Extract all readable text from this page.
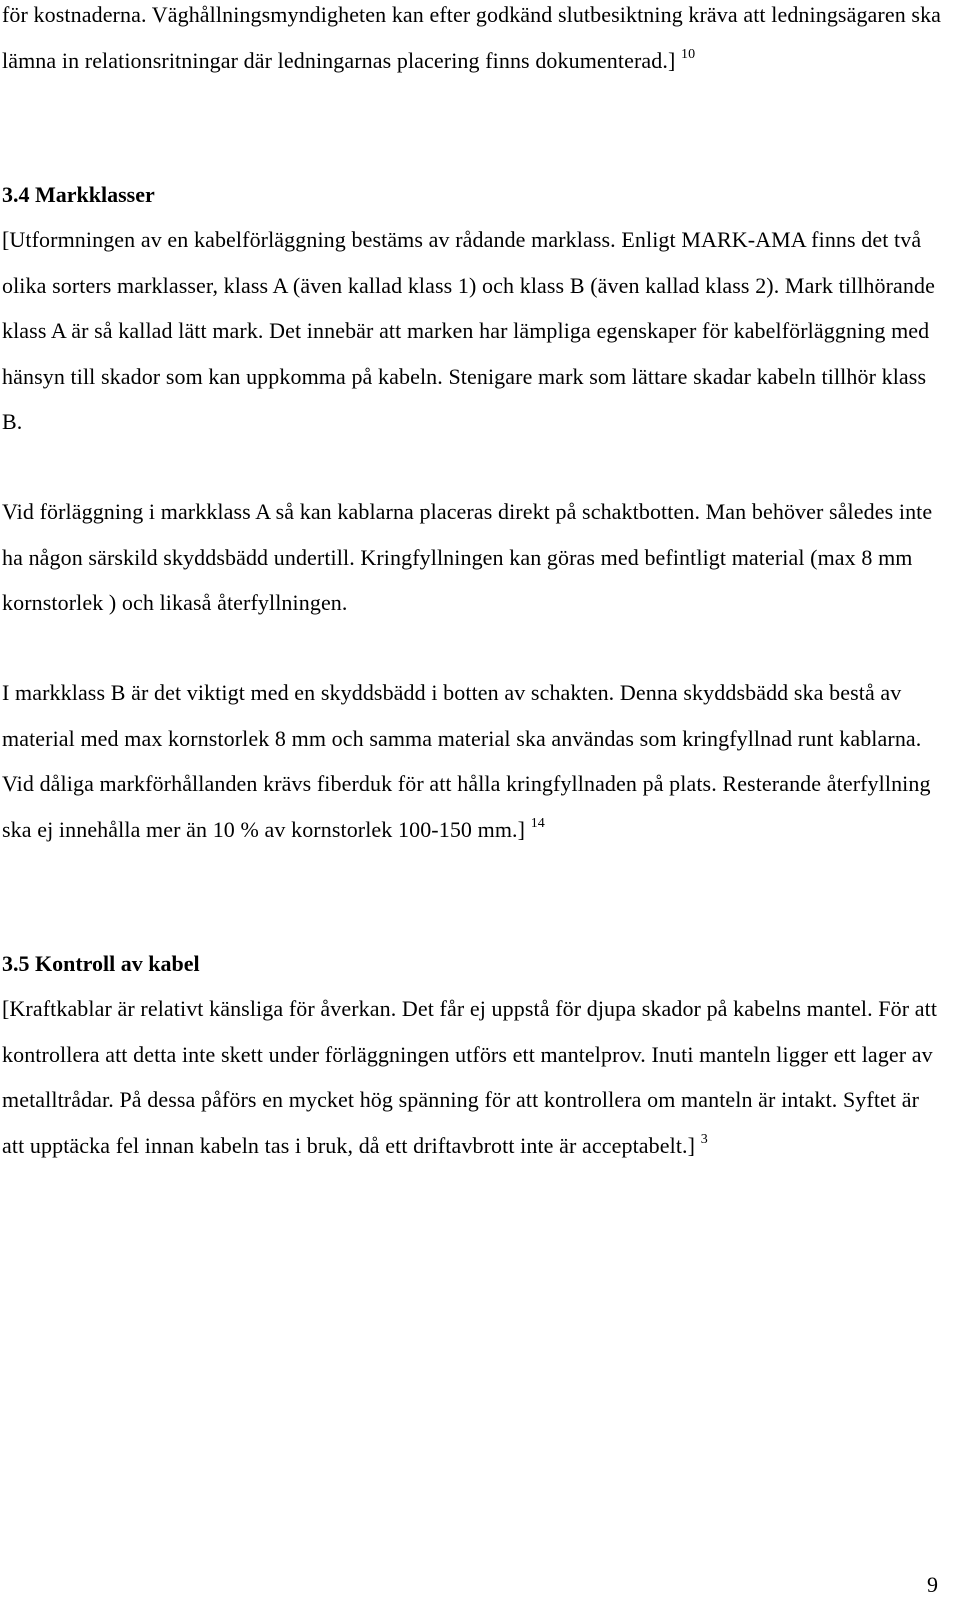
för kostnaderna. Väghållningsmyndigheten kan efter godkänd slutbesiktning kräva att ledningsägaren ska lämna in relationsritningar där ledningarnas placering finns dokumenterad.] $^{10}$

3.4 Markklasser

[Utformningen av en kabelförläggning bestäms av rådande marklass. Enligt MARK-AMA finns det två olika sorters marklasser, klass A (även kallad klass 1) och klass B (även kallad klass 2). Mark tillhörande klass A är så kallad lätt mark. Det innebär att marken har lämpliga egenskaper för kabelförläggning med hänsyn till skador som kan uppkomma på kabeln. Stenigare mark som lättare skadar kabeln tillhör klass B.

Vid förläggning i markklass A så kan kablarna placeras direkt på schaktbotten. Man behöver således inte ha någon särskild skyddsbädd undertill. Kringfyllningen kan göras med befintligt material (max 8 mm kornstorlek ) och likaså återfyllningen.

I markklass B är det viktigt med en skyddsbädd i botten av schakten. Denna skyddsbädd ska bestå av material med max kornstorlek 8 mm och samma material ska användas som kringfyllnad runt kablarna. Vid dåliga markförhållanden krävs fiberduk för att hålla kringfyllnaden på plats. Resterande återfyllning ska ej innehålla mer än 10 % av kornstorlek 100-150 mm.] $^{14}$

3.5 Kontroll av kabel

[Kraftkablar är relativt känsliga för åverkan. Det får ej uppstå för djupa skador på kabelns mantel. För att kontrollera att detta inte skett under förläggningen utförs ett mantelprov. Inuti manteln ligger ett lager av metalltrådar. På dessa påförs en mycket hög spänning för att kontrollera om manteln är intakt. Syftet är att upptäcka fel innan kabeln tas i bruk, då ett driftavbrott inte är acceptabelt.] $^3$

9
